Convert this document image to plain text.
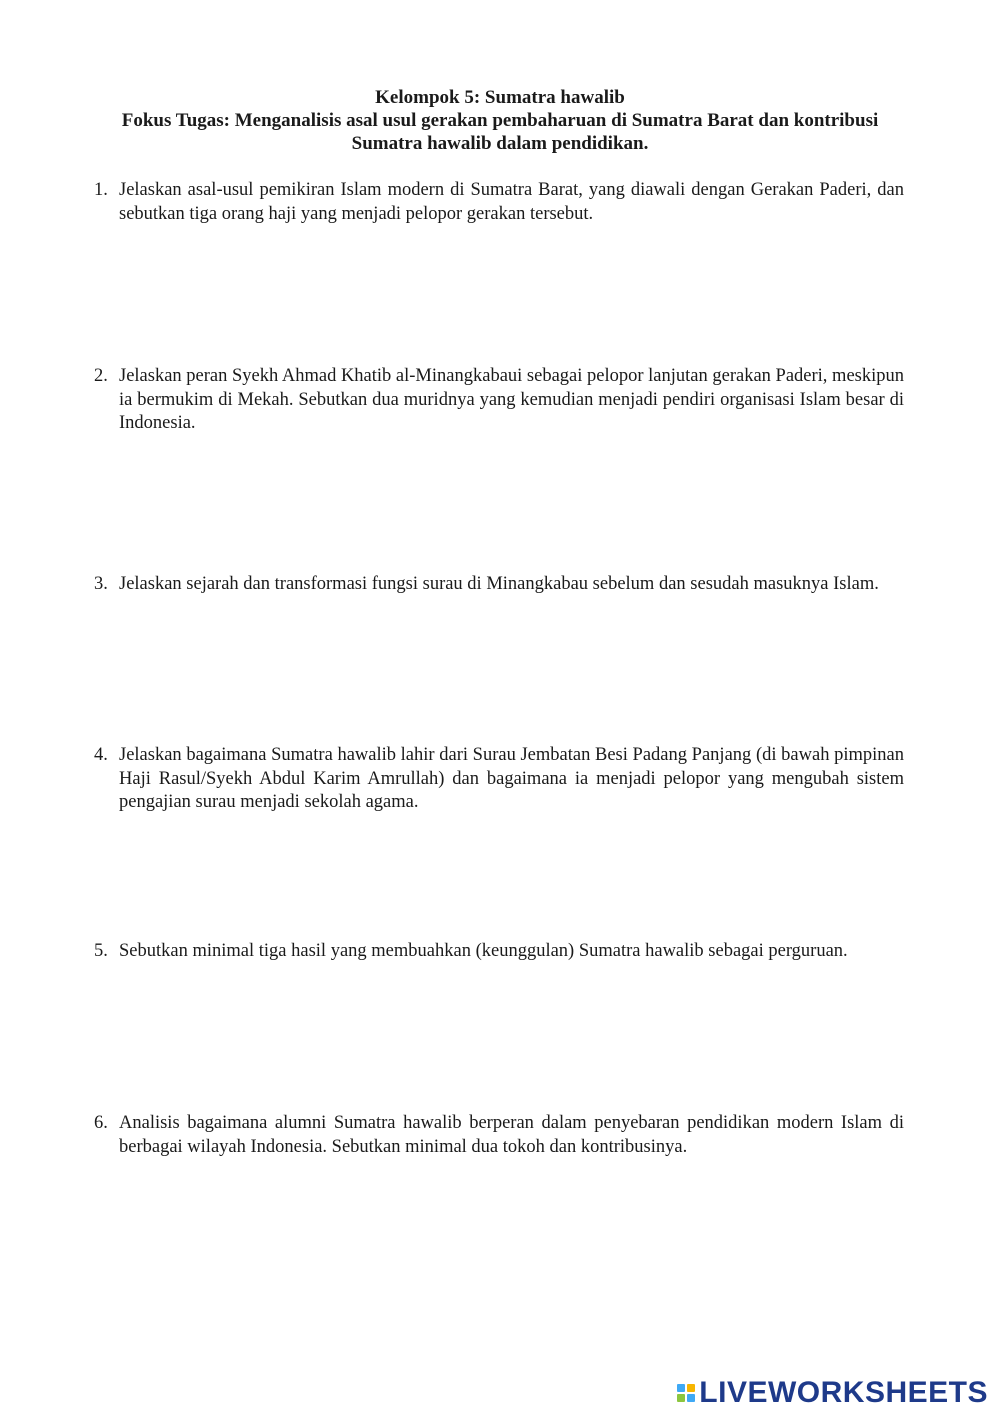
Kelompok 5: Sumatra hawalib
Fokus Tugas: Menganalisis asal usul gerakan pembaharuan di Sumatra Barat dan kontribusi
Sumatra hawalib dalam pendidikan.
1. Jelaskan asal-usul pemikiran Islam modern di Sumatra Barat, yang diawali dengan Gerakan Paderi, dan sebutkan tiga orang haji yang menjadi pelopor gerakan tersebut.
2. Jelaskan peran Syekh Ahmad Khatib al-Minangkabaui sebagai pelopor lanjutan gerakan Paderi, meskipun ia bermukim di Mekah. Sebutkan dua muridnya yang kemudian menjadi pendiri organisasi Islam besar di Indonesia.
3. Jelaskan sejarah dan transformasi fungsi surau di Minangkabau sebelum dan sesudah masuknya Islam.
4. Jelaskan bagaimana Sumatra hawalib lahir dari Surau Jembatan Besi Padang Panjang (di bawah pimpinan Haji Rasul/Syekh Abdul Karim Amrullah) dan bagaimana ia menjadi pelopor yang mengubah sistem pengajian surau menjadi sekolah agama.
5. Sebutkan minimal tiga hasil yang membuahkan (keunggulan) Sumatra hawalib sebagai perguruan.
6. Analisis bagaimana alumni Sumatra hawalib berperan dalam penyebaran pendidikan modern Islam di berbagai wilayah Indonesia. Sebutkan minimal dua tokoh dan kontribusinya.
LIVEWORKSHEETS
